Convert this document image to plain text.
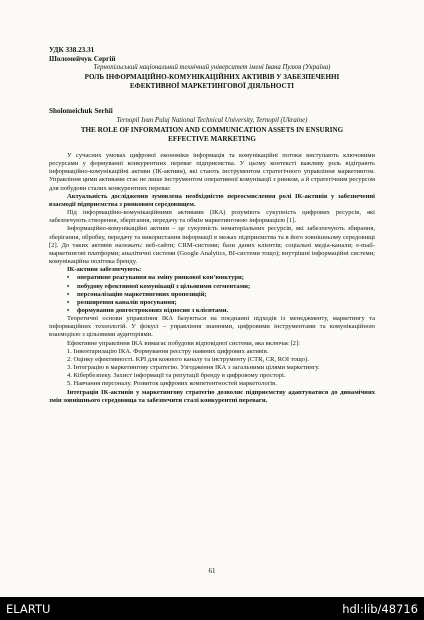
УДК 338.23.31
Шоломейчук Сергій
Тернопільський національний технічний університет імені Івана Пулюя (Україна)
РОЛЬ ІНФОРМАЦІЙНО-КОМУНІКАЦІЙНИХ АКТИВІВ У ЗАБЕЗПЕЧЕННІ
ЕФЕКТИВНОЇ МАРКЕТИНГОВОЇ ДІЯЛЬНОСТІ
Sholomeichuk Serhii
Ternopil Ivan Puluj National Technical University, Ternopil (Ukraine)
THE ROLE OF INFORMATION AND COMMUNICATION ASSETS IN ENSURING
EFFECTIVE MARKETING

У сучасних умовах цифрової економіки інформація та комунікаційні потоки виступають ключовими ресурсами у формуванні конкурентних переваг підприємства. У цьому контексті важливу роль відіграють інформаційно-комунікаційні активи (ІК-активи), які стають інструментом стратегічного управління маркетингом. Управління цими активами стає не лише інструментом оперативної комунікації з ринком, а й стратегічним ресурсом для побудови сталих конкурентних переваг.

Актуальність дослідження зумовлена необхідністю переосмислення ролі ІК-активів у забезпеченні взаємодії підприємства з ринковим середовищем.

Під інформаційно-комунікаційними активами (ІКА) розуміють сукупність цифрових ресурсів, які забезпечують створення, зберігання, передачу та обмін маркетинговою інформацією [1].

Інформаційно-комунікаційні активи – це сукупність нематеріальних ресурсів, які забезпечують збирання, зберігання, обробку, передачу та використання інформації в межах підприємства та в його зовнішньому середовищі [2]. До таких активів належать: веб-сайти; CRM-системи; бази даних клієнтів; соціальні медіа-канали; e-mail-маркетингові платформи; аналітичні системи (Google Analytics, BI-системи тощо); внутрішні інформаційні системи; комунікаційна політика бренду.

ІК-активи забезпечують:

• оперативне реагування на зміну ринкової кон’юнктури;
• побудову ефективної комунікації з цільовими сегментами;
• персоналізацію маркетингових пропозицій;
• розширення каналів просування;
• формування довгострокових відносин з клієнтами.

Теоретичні основи управління ІКА базуються на поєднанні підходів із менеджменту, маркетингу та інформаційних технологій. У фокусі – управління знаннями, цифровими інструментами та комунікаційною взаємодією з цільовими аудиторіями.

Ефективне управління ІКА вимагає побудови відповідної системи, яка включає [2]:

1. Інвентаризацію ІКА. Формування реєстру наявних цифрових активів.
2. Оцінку ефективності. KPI для кожного каналу та інструменту (CTR, CR, ROI тощо).
3. Інтеграцію в маркетингову стратегію. Узгодження ІКА з загальними цілями маркетингу.
4. Кібербезпеку. Захист інформації та репутації бренду в цифровому просторі.
5. Навчання персоналу. Розвиток цифрових компетентностей маркетологів.

Інтеграція ІК-активів у маркетингову стратегію дозволяє підприємству адаптуватися до динамічних змін зовнішнього середовища та забезпечити сталі конкурентні переваги.

61
ELARTU	hdl:lib/48716
